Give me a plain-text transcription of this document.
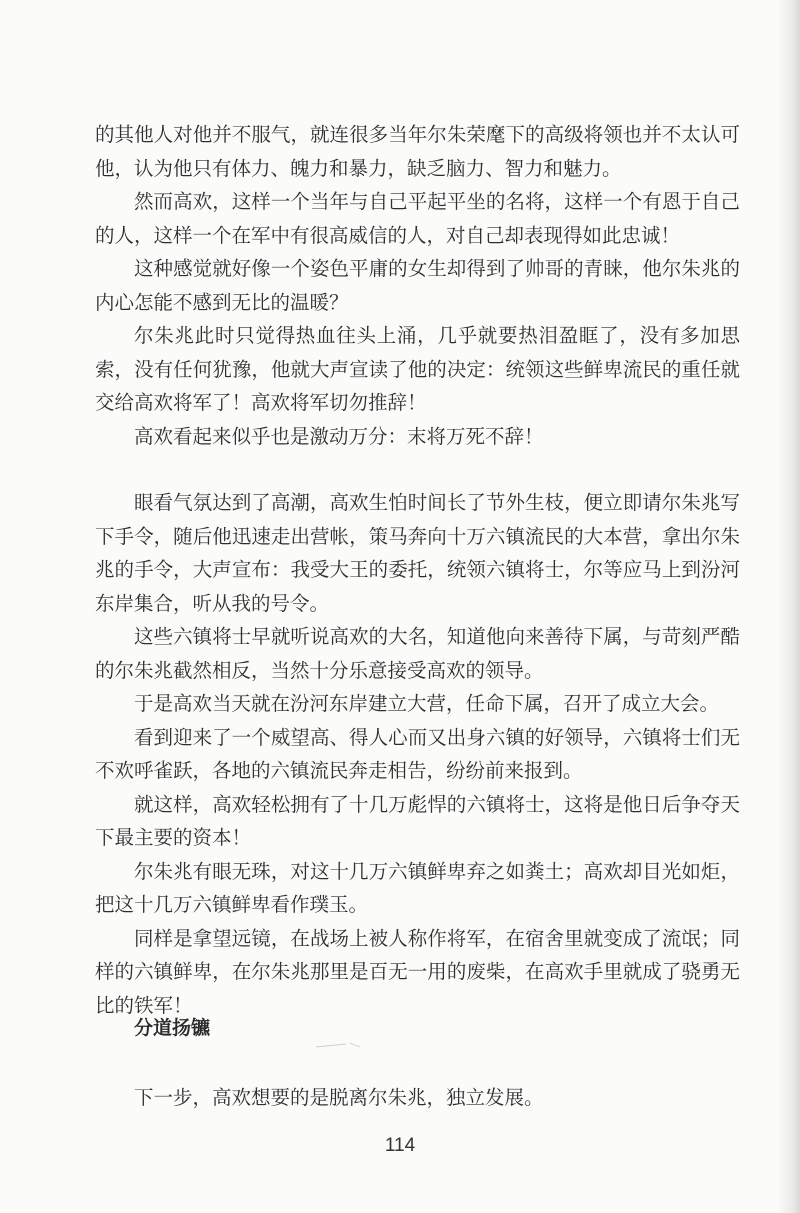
的其他人对他并不服气，就连很多当年尔朱荣麾下的高级将领也并不太认可他，认为他只有体力、魄力和暴力，缺乏脑力、智力和魅力。

然而高欢，这样一个当年与自己平起平坐的名将，这样一个有恩于自己的人，这样一个在军中有很高威信的人，对自己却表现得如此忠诚！

这种感觉就好像一个姿色平庸的女生却得到了帅哥的青睐，他尔朱兆的内心怎能不感到无比的温暖？

尔朱兆此时只觉得热血往头上涌，几乎就要热泪盈眶了，没有多加思索，没有任何犹豫，他就大声宣读了他的决定：统领这些鲜卑流民的重任就交给高欢将军了！高欢将军切勿推辞！

高欢看起来似乎也是激动万分：末将万死不辞！

眼看气氛达到了高潮，高欢生怕时间长了节外生枝，便立即请尔朱兆写下手令，随后他迅速走出营帐，策马奔向十万六镇流民的大本营，拿出尔朱兆的手令，大声宣布：我受大王的委托，统领六镇将士，尔等应马上到汾河东岸集合，听从我的号令。

这些六镇将士早就听说高欢的大名，知道他向来善待下属，与苛刻严酷的尔朱兆截然相反，当然十分乐意接受高欢的领导。

于是高欢当天就在汾河东岸建立大营，任命下属，召开了成立大会。

看到迎来了一个威望高、得人心而又出身六镇的好领导，六镇将士们无不欢呼雀跃，各地的六镇流民奔走相告，纷纷前来报到。

就这样，高欢轻松拥有了十几万彪悍的六镇将士，这将是他日后争夺天下最主要的资本！

尔朱兆有眼无珠，对这十几万六镇鲜卑弃之如粪土；高欢却目光如炬，把这十几万六镇鲜卑看作璞玉。

同样是拿望远镜，在战场上被人称作将军，在宿舍里就变成了流氓；同样的六镇鲜卑，在尔朱兆那里是百无一用的废柴，在高欢手里就成了骁勇无比的铁军！

分道扬镳

下一步，高欢想要的是脱离尔朱兆，独立发展。

114
